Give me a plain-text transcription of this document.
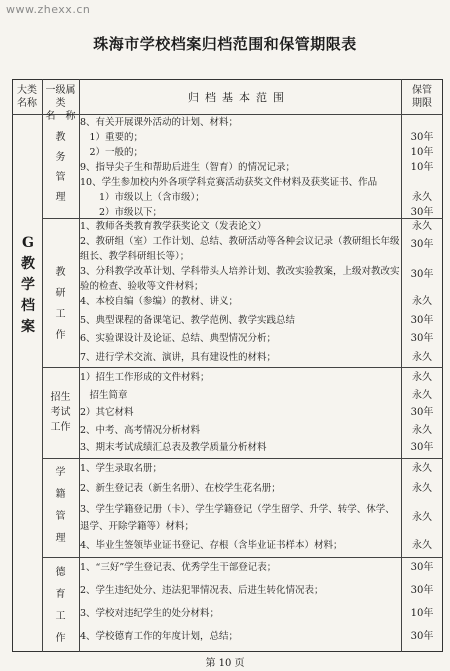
www.zhexx.cn
珠海市学校档案归档范围和保管期限表
大类
名称
一级属类
名　称
归档基本范围
保管
期限
G
教
学
档
案
教
务
管
理
教
研
工
作
招生
考试
工作
学
籍
管
理
德
育
工
作
8、有关开展课外活动的计划、材料；
　1）重要的；
　2）一般的；
9、指导尖子生和帮助后进生（智育）的情况记录；
10、学生参加校内外各项学科竞赛活动获奖文件材料及获奖证书、作品
　　1）市级以上（含市级）；
　　2）市级以下；
1、教师各类教育教学获奖论文（发表论文）
2、教研组（室）工作计划、总结、教研活动等各种会议记录（教研组长年级组长、教学科研组长等）；
3、分科教学改革计划、学科带头人培养计划、教改实验教案，上级对教改实验的检查、验收等文件材料；
4、本校自编（参编）的教材、讲义；
5、典型课程的备课笔记、教学范例、教学实践总结
6、实验课设计及论证、总结、典型情况分析；
7、进行学术交流、演讲，具有建设性的材料；
1）招生工作形成的文件材料；
　招生简章
2）其它材料
2、中考、高考情况分析材料
3、期末考试成绩汇总表及教学质量分析材料
1、学生录取名册；
2、新生登记表（新生名册）、在校学生花名册；
3、学生学籍登记册（卡）、学生学籍登记（学生留学、升学、转学、休学、退学、开除学籍等）材料；
4、毕业生签领毕业证书登记、存根（含毕业证书样本）材料；
1、“三好”学生登记表、优秀学生干部登记表；
2、学生违纪处分、违法犯罪情况表、后进生转化情况表；
3、学校对违纪学生的处分材料；
4、学校德育工作的年度计划，总结；
30年
10年
10年
永久
30年
永久
30年
30年
永久
30年
30年
永久
永久
永久
30年
永久
30年
永久
永久
永久
永久
30年
30年
10年
30年
第 10 页
